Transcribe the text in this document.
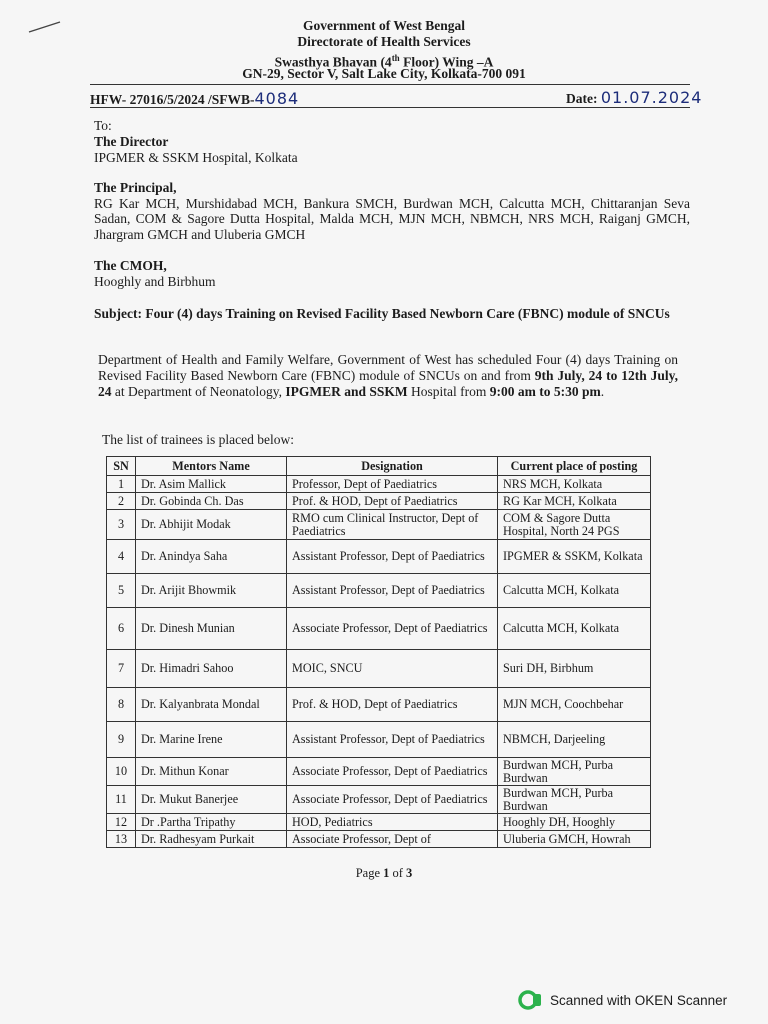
Government of West Bengal
Directorate of Health Services
Swasthya Bhavan (4th Floor) Wing –A
GN-29, Sector V, Salt Lake City, Kolkata-700 091
HFW- 27016/5/2024 /SFWB-4084	Date: 01.07.2024
To:
The Director
IPGMER & SSKM Hospital, Kolkata
The Principal,
RG Kar MCH, Murshidabad MCH, Bankura SMCH, Burdwan MCH, Calcutta MCH, Chittaranjan Seva Sadan, COM & Sagore Dutta Hospital, Malda MCH, MJN MCH, NBMCH, NRS MCH, Raiganj GMCH, Jhargram GMCH and Uluberia GMCH
The CMOH,
Hooghly and Birbhum
Subject: Four (4) days Training on Revised Facility Based Newborn Care (FBNC) module of SNCUs
Department of Health and Family Welfare, Government of West has scheduled Four (4) days Training on Revised Facility Based Newborn Care (FBNC) module of SNCUs on and from 9th July, 24 to 12th July, 24 at Department of Neonatology, IPGMER and SSKM Hospital from 9:00 am to 5:30 pm.
The list of trainees is placed below:
SN	Mentors Name	Designation	Current place of posting
1	Dr. Asim Mallick	Professor, Dept of Paediatrics	NRS MCH, Kolkata
2	Dr. Gobinda Ch. Das	Prof. & HOD, Dept of Paediatrics	RG Kar MCH, Kolkata
3	Dr. Abhijit Modak	RMO cum Clinical Instructor, Dept of Paediatrics	COM & Sagore Dutta Hospital, North 24 PGS
4	Dr. Anindya Saha	Assistant Professor, Dept of Paediatrics	IPGMER & SSKM, Kolkata
5	Dr. Arijit Bhowmik	Assistant Professor, Dept of Paediatrics	Calcutta MCH, Kolkata
6	Dr. Dinesh Munian	Associate Professor, Dept of Paediatrics	Calcutta MCH, Kolkata
7	Dr. Himadri Sahoo	MOIC, SNCU	Suri DH, Birbhum
8	Dr. Kalyanbrata Mondal	Prof. & HOD, Dept of Paediatrics	MJN MCH, Coochbehar
9	Dr. Marine Irene	Assistant Professor, Dept of Paediatrics	NBMCH, Darjeeling
10	Dr. Mithun Konar	Associate Professor, Dept of Paediatrics	Burdwan MCH, Purba Burdwan
11	Dr. Mukut Banerjee	Associate Professor, Dept of Paediatrics	Burdwan MCH, Purba Burdwan
12	Dr .Partha Tripathy	HOD, Pediatrics	Hooghly DH, Hooghly
13	Dr. Radhesyam Purkait	Associate Professor, Dept of	Uluberia GMCH, Howrah
Page 1 of 3
Scanned with OKEN Scanner
